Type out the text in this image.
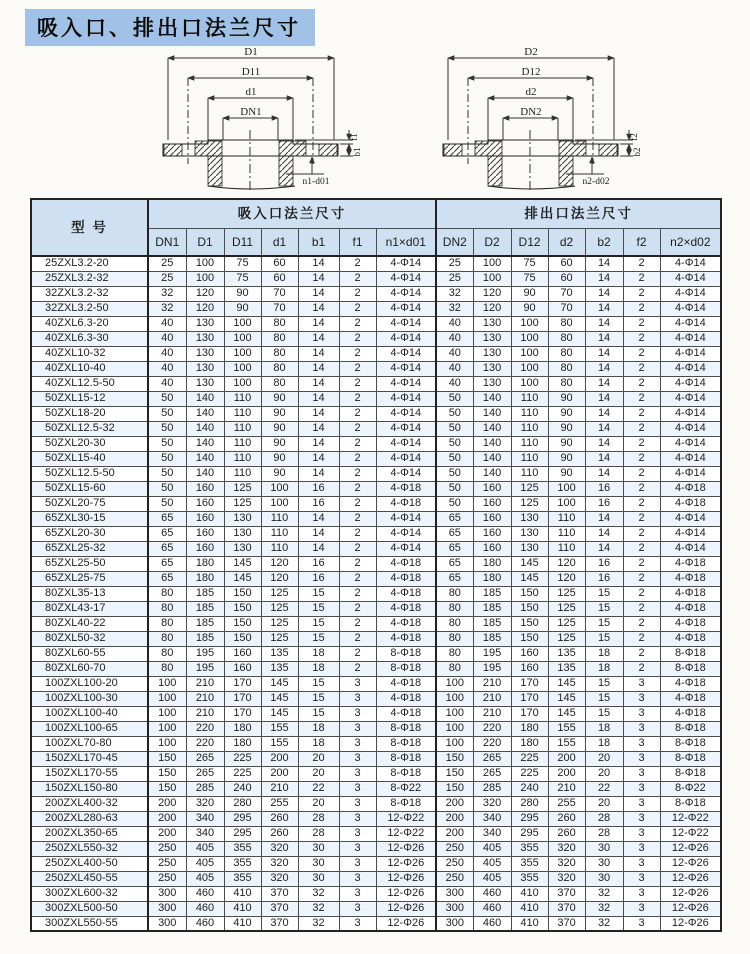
吸入口、排出口法兰尺寸
D1
D11
d1
DN1
f1
b1
n1-d01
D2
D12
d2
DN2
f2
b2
n2-d02
型 号	吸入口法兰尺寸							排出口法兰尺寸						
	DN1	D1	D11	d1	b1	f1	n1×d01	DN2	D2	D12	d2	b2	f2	n2×d02
25ZXL3.2-20	25	100	75	60	14	2	4-Φ14	25	100	75	60	14	2	4-Φ14
25ZXL3.2-32	25	100	75	60	14	2	4-Φ14	25	100	75	60	14	2	4-Φ14
32ZXL3.2-32	32	120	90	70	14	2	4-Φ14	32	120	90	70	14	2	4-Φ14
32ZXL3.2-50	32	120	90	70	14	2	4-Φ14	32	120	90	70	14	2	4-Φ14
40ZXL6.3-20	40	130	100	80	14	2	4-Φ14	40	130	100	80	14	2	4-Φ14
40ZXL6.3-30	40	130	100	80	14	2	4-Φ14	40	130	100	80	14	2	4-Φ14
40ZXL10-32	40	130	100	80	14	2	4-Φ14	40	130	100	80	14	2	4-Φ14
40ZXL10-40	40	130	100	80	14	2	4-Φ14	40	130	100	80	14	2	4-Φ14
40ZXL12.5-50	40	130	100	80	14	2	4-Φ14	40	130	100	80	14	2	4-Φ14
50ZXL15-12	50	140	110	90	14	2	4-Φ14	50	140	110	90	14	2	4-Φ14
50ZXL18-20	50	140	110	90	14	2	4-Φ14	50	140	110	90	14	2	4-Φ14
50ZXL12.5-32	50	140	110	90	14	2	4-Φ14	50	140	110	90	14	2	4-Φ14
50ZXL20-30	50	140	110	90	14	2	4-Φ14	50	140	110	90	14	2	4-Φ14
50ZXL15-40	50	140	110	90	14	2	4-Φ14	50	140	110	90	14	2	4-Φ14
50ZXL12.5-50	50	140	110	90	14	2	4-Φ14	50	140	110	90	14	2	4-Φ14
50ZXL15-60	50	160	125	100	16	2	4-Φ18	50	160	125	100	16	2	4-Φ18
50ZXL20-75	50	160	125	100	16	2	4-Φ18	50	160	125	100	16	2	4-Φ18
65ZXL30-15	65	160	130	110	14	2	4-Φ14	65	160	130	110	14	2	4-Φ14
65ZXL20-30	65	160	130	110	14	2	4-Φ14	65	160	130	110	14	2	4-Φ14
65ZXL25-32	65	160	130	110	14	2	4-Φ14	65	160	130	110	14	2	4-Φ14
65ZXL25-50	65	180	145	120	16	2	4-Φ18	65	180	145	120	16	2	4-Φ18
65ZXL25-75	65	180	145	120	16	2	4-Φ18	65	180	145	120	16	2	4-Φ18
80ZXL35-13	80	185	150	125	15	2	4-Φ18	80	185	150	125	15	2	4-Φ18
80ZXL43-17	80	185	150	125	15	2	4-Φ18	80	185	150	125	15	2	4-Φ18
80ZXL40-22	80	185	150	125	15	2	4-Φ18	80	185	150	125	15	2	4-Φ18
80ZXL50-32	80	185	150	125	15	2	4-Φ18	80	185	150	125	15	2	4-Φ18
80ZXL60-55	80	195	160	135	18	2	8-Φ18	80	195	160	135	18	2	8-Φ18
80ZXL60-70	80	195	160	135	18	2	8-Φ18	80	195	160	135	18	2	8-Φ18
100ZXL100-20	100	210	170	145	15	3	4-Φ18	100	210	170	145	15	3	4-Φ18
100ZXL100-30	100	210	170	145	15	3	4-Φ18	100	210	170	145	15	3	4-Φ18
100ZXL100-40	100	210	170	145	15	3	4-Φ18	100	210	170	145	15	3	4-Φ18
100ZXL100-65	100	220	180	155	18	3	8-Φ18	100	220	180	155	18	3	8-Φ18
100ZXL70-80	100	220	180	155	18	3	8-Φ18	100	220	180	155	18	3	8-Φ18
150ZXL170-45	150	265	225	200	20	3	8-Φ18	150	265	225	200	20	3	8-Φ18
150ZXL170-55	150	265	225	200	20	3	8-Φ18	150	265	225	200	20	3	8-Φ18
150ZXL150-80	150	285	240	210	22	3	8-Φ22	150	285	240	210	22	3	8-Φ22
200ZXL400-32	200	320	280	255	20	3	8-Φ18	200	320	280	255	20	3	8-Φ18
200ZXL280-63	200	340	295	260	28	3	12-Φ22	200	340	295	260	28	3	12-Φ22
200ZXL350-65	200	340	295	260	28	3	12-Φ22	200	340	295	260	28	3	12-Φ22
250ZXL550-32	250	405	355	320	30	3	12-Φ26	250	405	355	320	30	3	12-Φ26
250ZXL400-50	250	405	355	320	30	3	12-Φ26	250	405	355	320	30	3	12-Φ26
250ZXL450-55	250	405	355	320	30	3	12-Φ26	250	405	355	320	30	3	12-Φ26
300ZXL600-32	300	460	410	370	32	3	12-Φ26	300	460	410	370	32	3	12-Φ26
300ZXL500-50	300	460	410	370	32	3	12-Φ26	300	460	410	370	32	3	12-Φ26
300ZXL550-55	300	460	410	370	32	3	12-Φ26	300	460	410	370	32	3	12-Φ26
